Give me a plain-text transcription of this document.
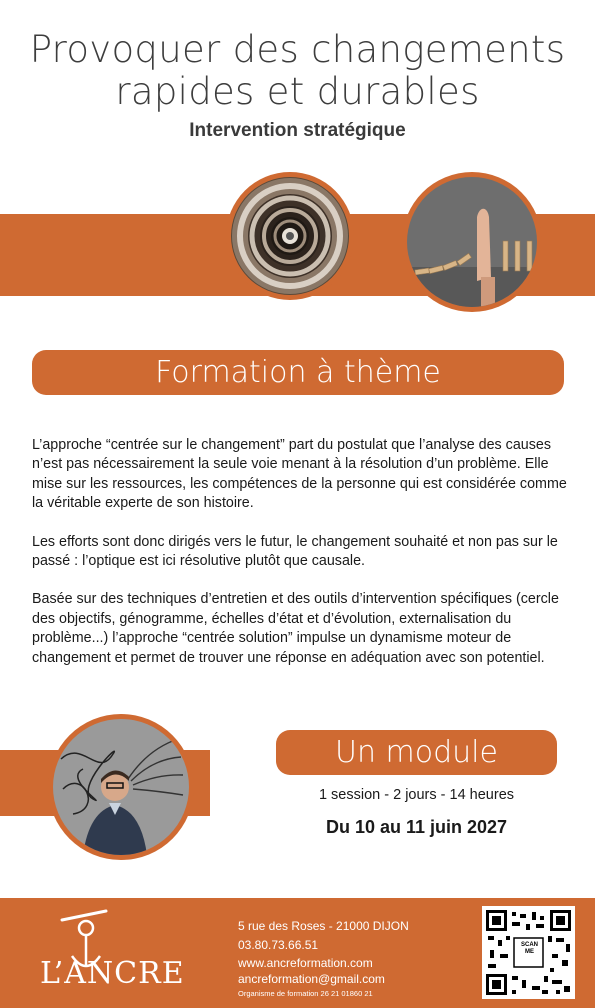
Provoquer des changements
rapides et durables
Intervention stratégique
Formation à thème

L’approche “centrée sur le changement” part du postulat que l’analyse des causes n’est pas nécessairement la seule voie menant à la résolution d’un problème. Elle mise sur les ressources, les compétences de la personne qui est considérée comme la véritable experte de son histoire.

Les efforts sont donc dirigés vers le futur, le changement souhaité et non pas sur le passé : l’optique est ici résolutive plutôt que causale.

Basée sur des techniques d’entretien et des outils d’intervention spécifiques (cercle des objectifs, génogramme, échelles d’état et d’évolution, externalisation du problème...) l’approche “centrée solution” impulse un dynamisme moteur de changement et permet de trouver une réponse en adéquation avec son potentiel.

Un module
1 session - 2 jours - 14 heures
Du 10 au 11 juin 2027
L’ANCRE
5 rue des Roses - 21000 DIJON
03.80.73.66.51
www.ancreformation.com
ancreformation@gmail.com
Organisme de formation 26 21 01860 21
SCAN ME
